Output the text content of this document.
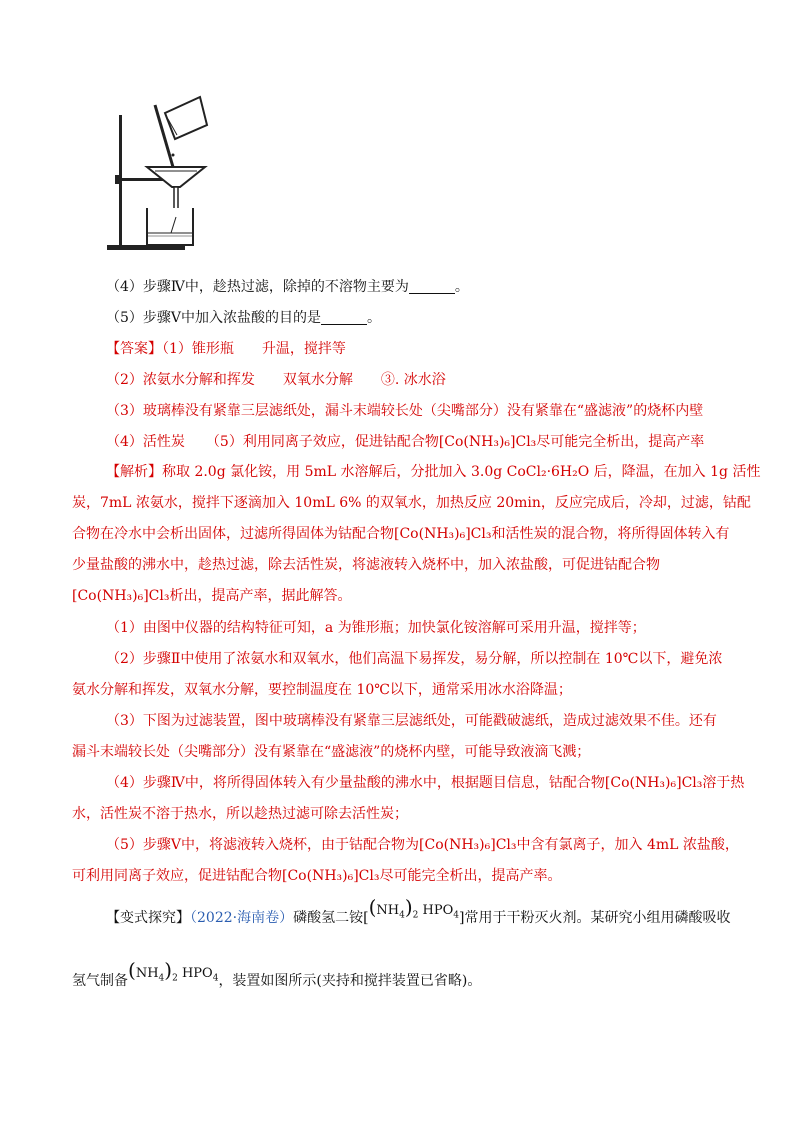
（4）步骤Ⅳ中，趁热过滤，除掉的不溶物主要为	。
（5）步骤Ⅴ中加入浓盐酸的目的是	。
【答案】（1）锥形瓶　　升温，搅拌等
（2）浓氨水分解和挥发　　双氧水分解　　③. 冰水浴
（3）玻璃棒没有紧靠三层滤纸处，漏斗末端较长处（尖嘴部分）没有紧靠在“盛滤液”的烧杯内壁
（4）活性炭　　（5）利用同离子效应，促进钴配合物[Co(NH₃)₆]Cl₃尽可能完全析出，提高产率
【解析】称取 2.0g 氯化铵，用 5mL 水溶解后，分批加入 3.0g CoCl₂·6H₂O 后，降温，在加入 1g 活性
炭，7mL 浓氨水，搅拌下逐滴加入 10mL 6% 的双氧水，加热反应 20min，反应完成后，冷却，过滤，钴配
合物在冷水中会析出固体，过滤所得固体为钴配合物[Co(NH₃)₆]Cl₃和活性炭的混合物，将所得固体转入有
少量盐酸的沸水中，趁热过滤，除去活性炭，将滤液转入烧杯中，加入浓盐酸，可促进钴配合物
[Co(NH₃)₆]Cl₃析出，提高产率，据此解答。
（1）由图中仪器的结构特征可知，a 为锥形瓶；加快氯化铵溶解可采用升温，搅拌等；
（2）步骤Ⅱ中使用了浓氨水和双氧水，他们高温下易挥发，易分解，所以控制在 10℃以下，避免浓
氨水分解和挥发，双氧水分解，要控制温度在 10℃以下，通常采用冰水浴降温；
（3）下图为过滤装置，图中玻璃棒没有紧靠三层滤纸处，可能戳破滤纸，造成过滤效果不佳。还有
漏斗末端较长处（尖嘴部分）没有紧靠在“盛滤液”的烧杯内壁，可能导致液滴飞溅；
（4）步骤Ⅳ中，将所得固体转入有少量盐酸的沸水中，根据题目信息，钴配合物[Co(NH₃)₆]Cl₃溶于热
水，活性炭不溶于热水，所以趁热过滤可除去活性炭；
（5）步骤Ⅴ中，将滤液转入烧杯，由于钴配合物为[Co(NH₃)₆]Cl₃中含有氯离子，加入 4mL 浓盐酸，
可利用同离子效应，促进钴配合物[Co(NH₃)₆]Cl₃尽可能完全析出，提高产率。
【变式探究】（2022·海南卷）磷酸氢二铵[$(NH_4)_2$ $HPO_4$]常用于干粉灭火剂。某研究小组用磷酸吸收
氢气制备$(NH_4)_2$ $HPO_4$，装置如图所示(夹持和搅拌装置已省略)。
